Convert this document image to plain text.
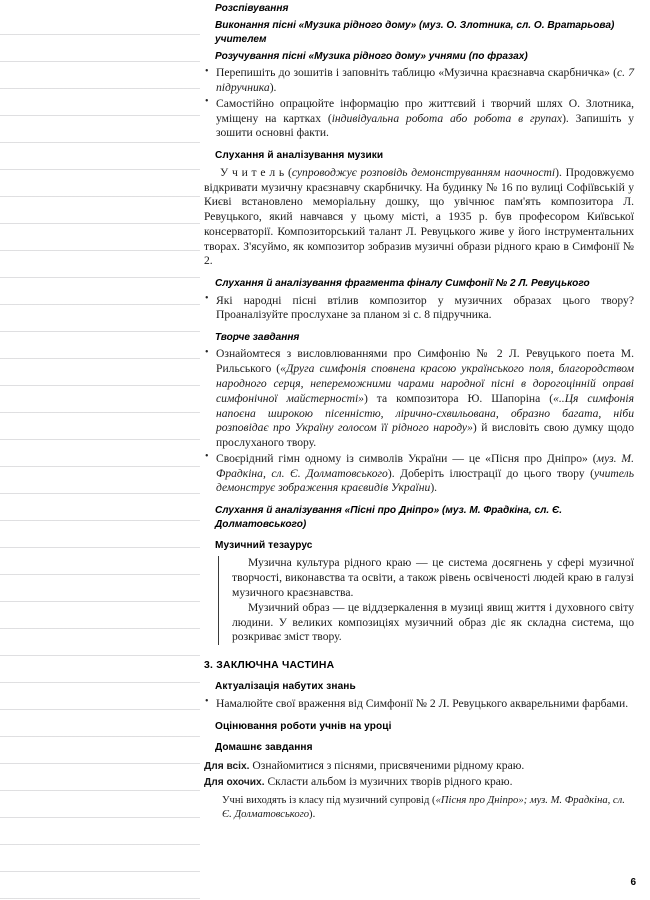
Розспівування
Виконання пісні «Музика рідного дому» (муз. О. Злотника, сл. О. Вратарьова) учителем
Розучування пісні «Музика рідного дому» учнями (по фразах)
• Перепишіть до зошитів і заповніть таблицю «Музична краєзнавча скарбничка» (с. 7 підручника).
• Самостійно опрацюйте інформацію про життєвий і творчий шлях О. Злотника, уміщену на картках (індивідуальна робота або робота в групах). Запишіть у зошити основні факти.
Слухання й аналізування музики

У ч и т е л ь (супроводжує розповідь демонструванням наочності). Продовжуємо відкривати музичну краєзнавчу скарбничку. На будинку № 16 по вулиці Софіївській у Києві встановлено меморіальну дошку, що увічнює пам'ять композитора Л. Ревуцького, який навчався у цьому місті, а 1935 р. був професором Київської консерваторії. Композиторський талант Л. Ревуцького живе у його інструментальних творах. З'ясуймо, як композитор зобразив музичні образи рідного краю в Симфонії № 2.

Слухання й аналізування фрагмента фіналу Симфонії № 2 Л. Ревуцького
• Які народні пісні втілив композитор у музичних образах цього твору? Проаналізуйте прослухане за планом зі с. 8 підручника.
Творче завдання
• Ознайомтеся з висловлюваннями про Симфонію № 2 Л. Ревуцького поета М. Рильського («Друга симфонія сповнена красою українського поля, благородством народного серця, непереможними чарами народної пісні в дорогоцінній оправі симфонічної майстерності») та композитора Ю. Шапоріна («..Ця симфонія напоєна широкою пісенністю, лірично-схвильована, образно багата, ніби розповідає про Україну голосом її рідного народу») й висловіть свою думку щодо прослуханого твору.
• Своєрідний гімн одному із символів України — це «Пісня про Дніпро» (муз. М. Фрадкіна, сл. Є. Долматовського). Доберіть ілюстрації до цього твору (учитель демонструє зображення краєвидів України).
Слухання й аналізування «Пісні про Дніпро» (муз. М. Фрадкіна, сл. Є. Долматовського)
Музичний тезаурус

Музична культура рідного краю — це система досягнень у сфері музичної творчості, виконавства та освіти, а також рівень освіченості людей краю в галузі музичного краєзнавства.

Музичний образ — це віддзеркалення в музиці явищ життя і духовного світу людини. У великих композиціях музичний образ діє як складна система, що розкриває зміст твору.

3. ЗАКЛЮЧНА ЧАСТИНА
Актуалізація набутих знань
• Намалюйте свої враження від Симфонії № 2 Л. Ревуцького акварельними фарбами.
Оцінювання роботи учнів на уроці
Домашнє завдання
Для всіх. Ознайомитися з піснями, присвяченими рідному краю.
Для охочих. Скласти альбом із музичних творів рідного краю.
Учні виходять із класу під музичний супровід («Пісня про Дніпро»; муз. М. Фрадкіна, сл. Є. Долматовського).
6
